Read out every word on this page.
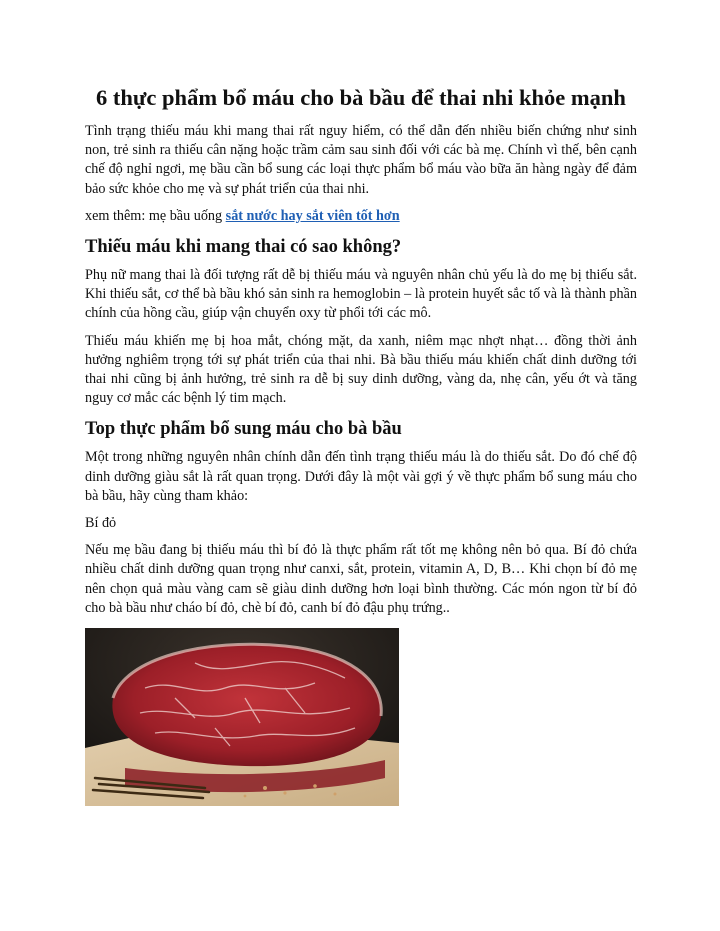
6 thực phẩm bổ máu cho bà bầu để thai nhi khỏe mạnh

Tình trạng thiếu máu khi mang thai rất nguy hiểm, có thể dẫn đến nhiều biến chứng như sinh non, trẻ sinh ra thiếu cân nặng hoặc trầm cảm sau sinh đối với các bà mẹ. Chính vì thế, bên cạnh chế độ nghỉ ngơi, mẹ bầu cần bổ sung các loại thực phẩm bổ máu vào bữa ăn hàng ngày để đảm bảo sức khỏe cho mẹ và sự phát triển của thai nhi.

xem thêm: mẹ bầu uống sắt nước hay sắt viên tốt hơn

Thiếu máu khi mang thai có sao không?

Phụ nữ mang thai là đối tượng rất dễ bị thiếu máu và nguyên nhân chủ yếu là do mẹ bị thiếu sắt. Khi thiếu sắt, cơ thể bà bầu khó sản sinh ra hemoglobin – là protein huyết sắc tố và là thành phần chính của hồng cầu, giúp vận chuyển oxy từ phổi tới các mô.

Thiếu máu khiến mẹ bị hoa mắt, chóng mặt, da xanh, niêm mạc nhợt nhạt… đồng thời ảnh hưởng nghiêm trọng tới sự phát triển của thai nhi. Bà bầu thiếu máu khiến chất dinh dưỡng tới thai nhi cũng bị ảnh hưởng, trẻ sinh ra dễ bị suy dinh dưỡng, vàng da, nhẹ cân, yếu ớt và tăng nguy cơ mắc các bệnh lý tim mạch.

Top thực phẩm bổ sung máu cho bà bầu

Một trong những nguyên nhân chính dẫn đến tình trạng thiếu máu là do thiếu sắt. Do đó chế độ dinh dưỡng giàu sắt là rất quan trọng. Dưới đây là một vài gợi ý về thực phẩm bổ sung máu cho bà bầu, hãy cùng tham khảo:

Bí đỏ

Nếu mẹ bầu đang bị thiếu máu thì bí đỏ là thực phẩm rất tốt mẹ không nên bỏ qua. Bí đỏ chứa nhiều chất dinh dưỡng quan trọng như canxi, sắt, protein, vitamin A, D, B… Khi chọn bí đỏ mẹ nên chọn quả màu vàng cam sẽ giàu dinh dưỡng hơn loại bình thường. Các món ngon từ bí đỏ cho bà bầu như cháo bí đỏ, chè bí đỏ, canh bí đỏ đậu phụ trứng..
